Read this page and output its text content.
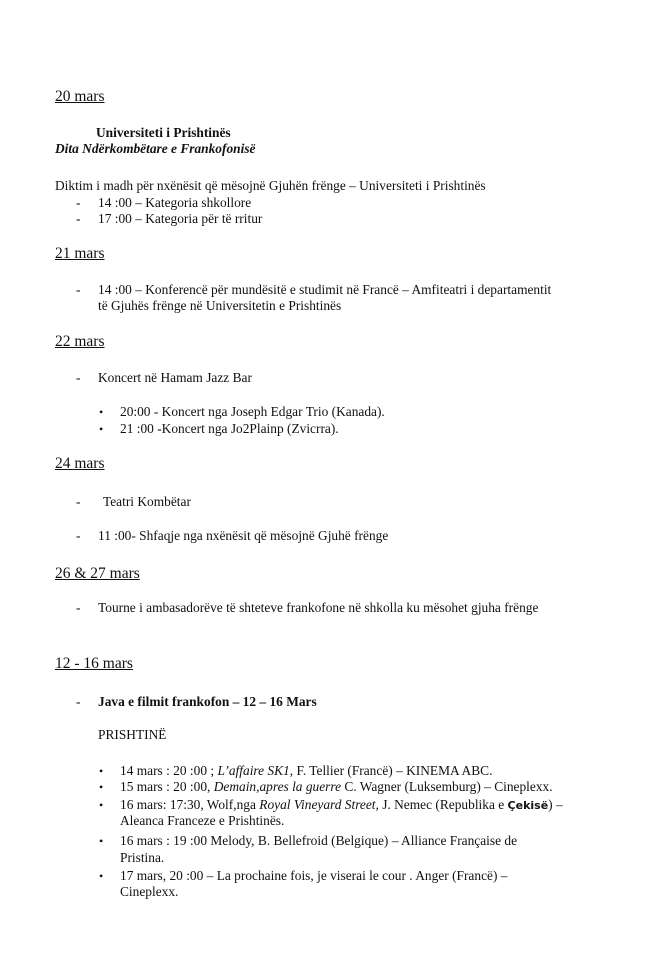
20 mars
Universiteti i Prishtinës
Dita Ndërkombëtare e Frankofonisë
Diktim i madh për nxënësit që mësojnë Gjuhën frënge – Universiteti i Prishtinës
- 14 :00 – Kategoria shkollore
- 17 :00 – Kategoria për të rritur
21 mars
- 14 :00 – Konferencë për mundësitë e studimit në Francë – Amfiteatri i departamentit
të Gjuhës frënge në Universitetin e Prishtinës
22 mars
- Koncert në Hamam Jazz Bar
• 20:00 - Koncert nga Joseph Edgar Trio (Kanada).
• 21 :00 -Koncert nga Jo2Plainp (Zvicrra).
24 mars
- Teatri Kombëtar
- 11 :00- Shfaqje nga nxënësit që mësojnë Gjuhë frënge
26 & 27 mars
- Tourne i ambasadorëve të shteteve frankofone në shkolla ku mësohet gjuha frënge
12 - 16 mars
- Java e filmit frankofon – 12 – 16 Mars
PRISHTINË
• 14 mars : 20 :00 ; L’affaire SK1, F. Tellier (Francë) – KINEMA ABC.
• 15 mars : 20 :00, Demain,apres la guerre C. Wagner (Luksemburg) – Cineplexx.
• 16 mars: 17:30, Wolf,nga Royal Vineyard Street, J. Nemec (Republika e Çekisë) –
Aleanca Franceze e Prishtinës.
• 16 mars : 19 :00 Melody, B. Bellefroid (Belgique) – Alliance Française de
Pristina.
• 17 mars, 20 :00 – La prochaine fois, je viserai le cour . Anger (Francë) –
Cineplexx.
